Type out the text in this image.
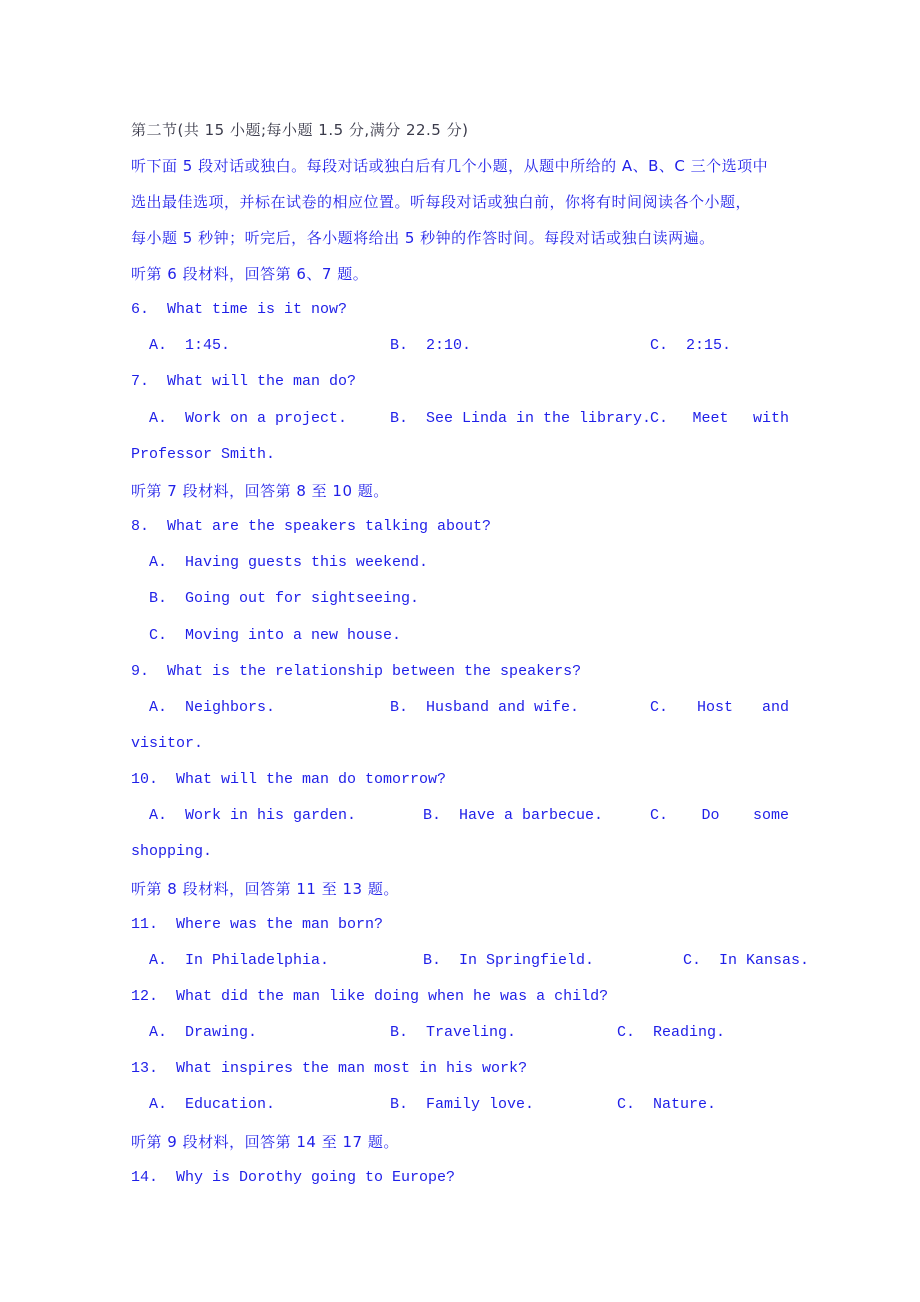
第二节(共 15 小题;每小题 1.5 分,满分 22.5 分)
听下面 5 段对话或独白。每段对话或独白后有几个小题，从题中所给的 A、B、C 三个选项中
选出最佳选项，并标在试卷的相应位置。听每段对话或独白前，你将有时间阅读各个小题，
每小题 5 秒钟；听完后，各小题将给出 5 秒钟的作答时间。每段对话或独白读两遍。
听第 6 段材料，回答第 6、7 题。
6.  What time is it now?
A.  1:45.	B.  2:10.	C.  2:15.
7.  What will the man do?
A.  Work on a project.	B.  See Linda in the library.
C. Meet with
Professor Smith.
听第 7 段材料，回答第 8 至 10 题。
8.  What are the speakers talking about?
A.  Having guests this weekend.
B.  Going out for sightseeing.
C.  Moving into a new house.
9.  What is the relationship between the speakers?
A.  Neighbors.	B.  Husband and wife.	C. Host and
visitor.
10.  What will the man do tomorrow?
A.  Work in his garden.	B.  Have a barbecue.	C. Do some
shopping.
听第 8 段材料，回答第 11 至 13 题。
11.  Where was the man born?
A.  In Philadelphia.	B.  In Springfield.	C.  In Kansas.
12.  What did the man like doing when he was a child?
A.  Drawing.	B.  Traveling.	C.  Reading.
13.  What inspires the man most in his work?
A.  Education.	B.  Family love.	C.  Nature.
听第 9 段材料，回答第 14 至 17 题。
14.  Why is Dorothy going to Europe?
